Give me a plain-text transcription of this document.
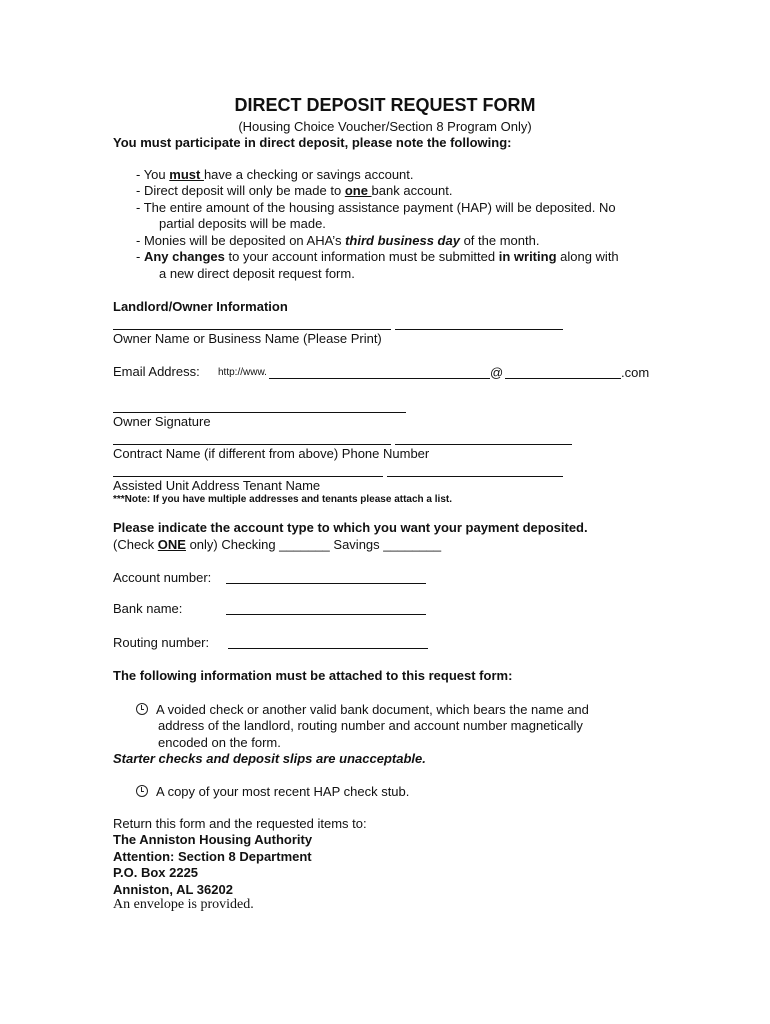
DIRECT DEPOSIT REQUEST FORM
(Housing Choice Voucher/Section 8 Program Only)
You must participate in direct deposit, please note the following:
- You must have a checking or savings account.
- Direct deposit will only be made to one bank account.
- The entire amount of the housing assistance payment (HAP) will be deposited. No
partial deposits will be made.
- Monies will be deposited on AHA’s third business day of the month.
- Any changes to your account information must be submitted in writing along with
a new direct deposit request form.
Landlord/Owner Information
Owner Name or Business Name (Please Print)
Email Address: http://www.	@	.com
Owner Signature
Contract Name (if different from above) Phone Number
Assisted Unit Address Tenant Name
***Note: If you have multiple addresses and tenants please attach a list.
Please indicate the account type to which you want your payment deposited.
(Check ONE only) Checking _______ Savings ________
Account number:
Bank name:
Routing number:
The following information must be attached to this request form:
A voided check or another valid bank document, which bears the name and
address of the landlord, routing number and account number magnetically
encoded on the form.
Starter checks and deposit slips are unacceptable.
A copy of your most recent HAP check stub.
Return this form and the requested items to:
The Anniston Housing Authority
Attention: Section 8 Department
P.O. Box 2225
Anniston, AL 36202
An envelope is provided.
